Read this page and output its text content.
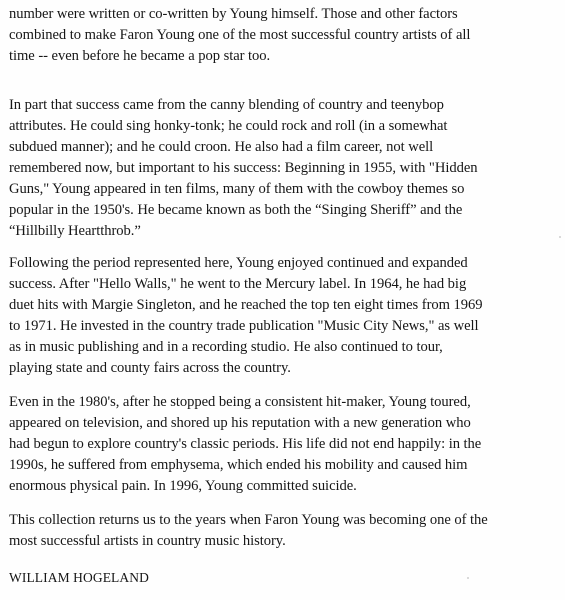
number were written or co-written by Young himself. Those and other factors
combined to make Faron Young one of the most successful country artists of all
time -- even before he became a pop star too.

In part that success came from the canny blending of country and teenybop
attributes. He could sing honky-tonk; he could rock and roll (in a somewhat
subdued manner); and he could croon. He also had a film career, not well
remembered now, but important to his success: Beginning in 1955, with "Hidden
Guns," Young appeared in ten films, many of them with the cowboy themes so
popular in the 1950's. He became known as both the “Singing Sheriff” and the
“Hillbilly Heartthrob.”

Following the period represented here, Young enjoyed continued and expanded
success. After "Hello Walls," he went to the Mercury label. In 1964, he had big
duet hits with Margie Singleton, and he reached the top ten eight times from 1969
to 1971. He invested in the country trade publication "Music City News," as well
as in music publishing and in a recording studio. He also continued to tour,
playing state and county fairs across the country.

Even in the 1980's, after he stopped being a consistent hit-maker, Young toured,
appeared on television, and shored up his reputation with a new generation who
had begun to explore country's classic periods. His life did not end happily: in the
1990s, he suffered from emphysema, which ended his mobility and caused him
enormous physical pain. In 1996, Young committed suicide.

This collection returns us to the years when Faron Young was becoming one of the
most successful artists in country music history.

WILLIAM HOGELAND
